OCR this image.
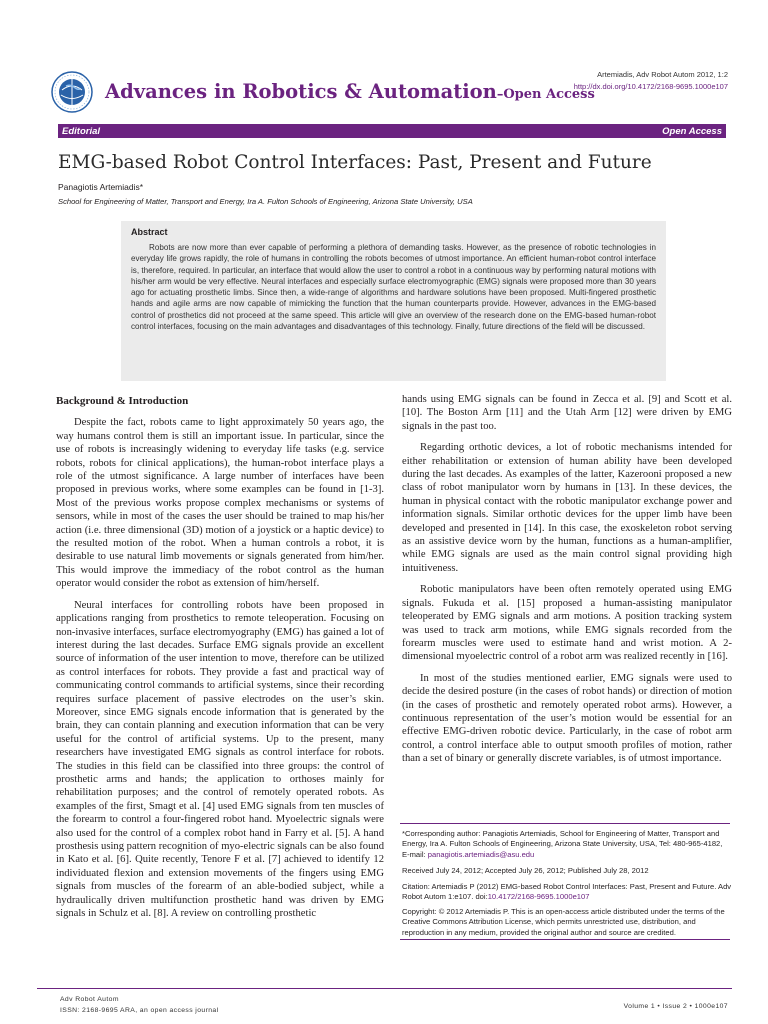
Advances in Robotics & Automation–Open Access
Artemiadis, Adv Robot Autom 2012, 1:2
http://dx.doi.org/10.4172/2168-9695.1000e107
Editorial	Open Access
EMG-based Robot Control Interfaces: Past, Present and Future
Panagiotis Artemiadis*
School for Engineering of Matter, Transport and Energy, Ira A. Fulton Schools of Engineering, Arizona State University, USA
Abstract

Robots are now more than ever capable of performing a plethora of demanding tasks. However, as the presence of robotic technologies in everyday life grows rapidly, the role of humans in controlling the robots becomes of utmost importance. An efficient human-robot control interface is, therefore, required. In particular, an interface that would allow the user to control a robot in a continuous way by performing natural motions with his/her arm would be very effective. Neural interfaces and especially surface electromyographic (EMG) signals were proposed more than 30 years ago for actuating prosthetic limbs. Since then, a wide-range of algorithms and hardware solutions have been proposed. Multi-fingered prosthetic hands and agile arms are now capable of mimicking the function that the human counterparts provide. However, advances in the EMG-based control of prosthetics did not proceed at the same speed. This article will give an overview of the research done on the EMG-based human-robot control interfaces, focusing on the main advantages and disadvantages of this technology. Finally, future directions of the field will be discussed.

Background & Introduction

Despite the fact, robots came to light approximately 50 years ago, the way humans control them is still an important issue. In particular, since the use of robots is increasingly widening to everyday life tasks (e.g. service robots, robots for clinical applications), the human-robot interface plays a role of the utmost significance. A large number of interfaces have been proposed in previous works, where some examples can be found in [1-3]. Most of the previous works propose complex mechanisms or systems of sensors, while in most of the cases the user should be trained to map his/her action (i.e. three dimensional (3D) motion of a joystick or a haptic device) to the resulted motion of the robot. When a human controls a robot, it is desirable to use natural limb movements or signals generated from him/her. This would improve the immediacy of the robot control as the human operator would consider the robot as extension of him/herself.

Neural interfaces for controlling robots have been proposed in applications ranging from prosthetics to remote teleoperation. Focusing on non-invasive interfaces, surface electromyography (EMG) has gained a lot of interest during the last decades. Surface EMG signals provide an excellent source of information of the user intention to move, therefore can be utilized as control interfaces for robots. They provide a fast and practical way of communicating control commands to artificial systems, since their recording requires surface placement of passive electrodes on the user’s skin. Moreover, since EMG signals encode information that is generated by the brain, they can contain planning and execution information that can be very useful for the control of artificial systems. Up to the present, many researchers have investigated EMG signals as control interface for robots. The studies in this field can be classified into three groups: the control of prosthetic arms and hands; the application to orthoses mainly for rehabilitation purposes; and the control of remotely operated robots. As examples of the first, Smagt et al. [4] used EMG signals from ten muscles of the forearm to control a four-fingered robot hand. Myoelectric signals were also used for the control of a complex robot hand in Farry et al. [5]. A hand prosthesis using pattern recognition of myo-electric signals can be also found in Kato et al. [6]. Quite recently, Tenore F et al. [7] achieved to identify 12 individuated flexion and extension movements of the fingers using EMG signals from muscles of the forearm of an able-bodied subject, while a hydraulically driven multifunction prosthetic hand was driven by EMG signals in Schulz et al. [8]. A review on controlling prosthetic

hands using EMG signals can be found in Zecca et al. [9] and Scott et al. [10]. The Boston Arm [11] and the Utah Arm [12] were driven by EMG signals in the past too.

Regarding orthotic devices, a lot of robotic mechanisms intended for either rehabilitation or extension of human ability have been developed during the last decades. As examples of the latter, Kazerooni proposed a new class of robot manipulator worn by humans in [13]. In these devices, the human in physical contact with the robotic manipulator exchange power and information signals. Similar orthotic devices for the upper limb have been developed and presented in [14]. In this case, the exoskeleton robot serving as an assistive device worn by the human, functions as a human-amplifier, while EMG signals are used as the main control signal providing high intuitiveness.

Robotic manipulators have been often remotely operated using EMG signals. Fukuda et al. [15] proposed a human-assisting manipulator teleoperated by EMG signals and arm motions. A position tracking system was used to track arm motions, while EMG signals recorded from the forearm muscles were used to estimate hand and wrist motion. A 2-dimensional myoelectric control of a robot arm was realized recently in [16].

In most of the studies mentioned earlier, EMG signals were used to decide the desired posture (in the cases of robot hands) or direction of motion (in the cases of prosthetic and remotely operated robot arms). However, a continuous representation of the user’s motion would be essential for an effective EMG-driven robotic device. Particularly, in the case of robot arm control, a control interface able to output smooth profiles of motion, rather than a set of binary or generally discrete variables, is of utmost importance.

*Corresponding author: Panagiotis Artemiadis, School for Engineering of Matter, Transport and Energy, Ira A. Fulton Schools of Engineering, Arizona State University, USA, Tel: 480-965-4182, E-mail: panagiotis.artemiadis@asu.edu
Received July 24, 2012; Accepted July 26, 2012; Published July 28, 2012
Citation: Artemiadis P (2012) EMG-based Robot Control Interfaces: Past, Present and Future. Adv Robot Autom 1:e107. doi:10.4172/2168-9695.1000e107
Copyright: © 2012 Artemiadis P. This is an open-access article distributed under the terms of the Creative Commons Attribution License, which permits unrestricted use, distribution, and reproduction in any medium, provided the original author and source are credited.
Adv Robot Autom
ISSN: 2168-9695 ARA, an open access journal
Volume 1 • Issue 2 • 1000e107
